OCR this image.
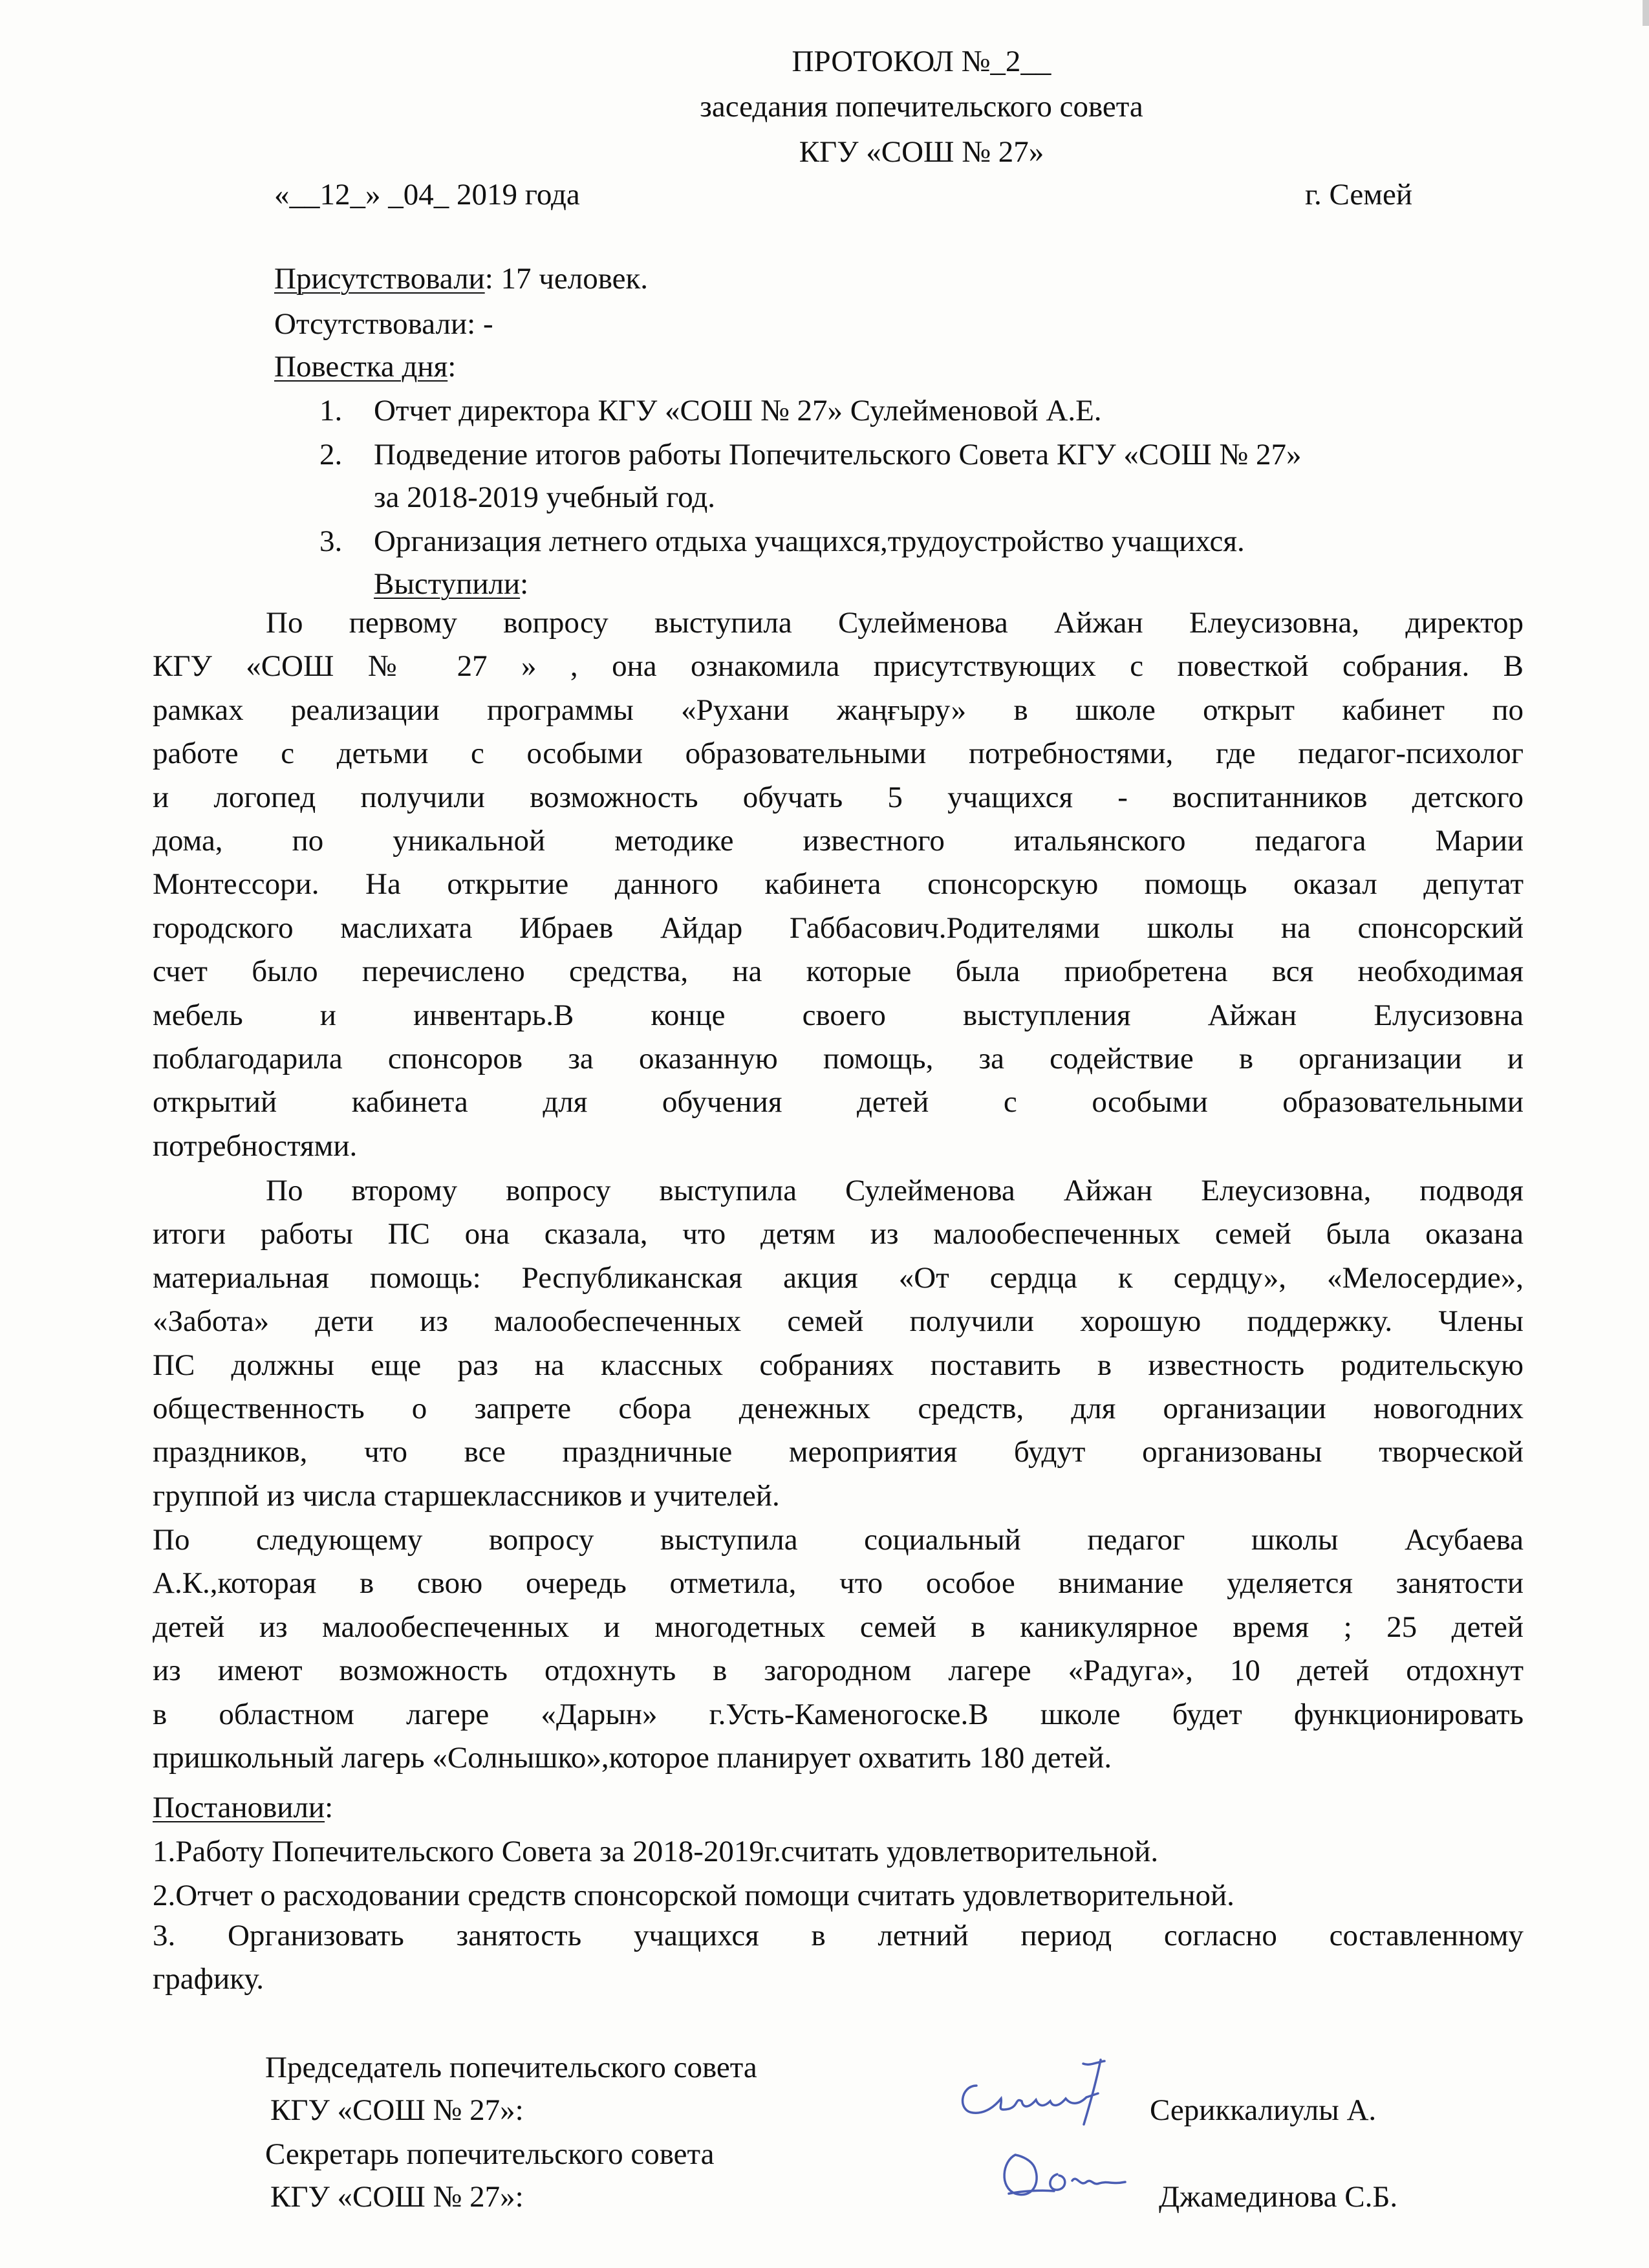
ПРОТОКОЛ №_2__
заседания попечительского совета
КГУ «СОШ № 27»
«__12_» _04_ 2019 года	г. Семей
Присутствовали: 17 человек.
Отсутствовали: -
Повестка дня:
1. Отчет директора КГУ «СОШ № 27» Сулейменовой А.Е.
2. Подведение итогов работы Попечительского Совета КГУ «СОШ № 27»
за 2018-2019 учебный год.
3. Организация летнего отдыха учащихся,трудоустройство учащихся.
Выступили:
По первому вопросу выступила Сулейменова Айжан Елеусизовна, директор
КГУ «СОШ № 27 » , она ознакомила присутствующих с повесткой собрания. В
рамках реализации программы «Рухани жаңғыру» в школе открыт кабинет по
работе с детьми с особыми образовательными потребностями, где педагог-психолог
и логопед получили возможность обучать 5 учащихся - воспитанников детского
дома, по уникальной методике известного итальянского педагога Марии
Монтессори. На открытие данного кабинета спонсорскую помощь оказал депутат
городского маслихата Ибраев Айдар Габбасович.Родителями школы на спонсорский
счет было перечислено средства, на которые была приобретена вся необходимая
мебель и инвентарь.В конце своего выступления Айжан Елусизовна
поблагодарила спонсоров за оказанную помощь, за содействие в организации и
открытий кабинета для обучения детей с особыми образовательными
потребностями.
По второму вопросу выступила Сулейменова Айжан Елеусизовна, подводя
итоги работы ПС она сказала, что детям из малообеспеченных семей была оказана
материальная помощь: Республиканская акция «От сердца к сердцу», «Мелосердие»,
«Забота» дети из малообеспеченных семей получили хорошую поддержку. Члены
ПС должны еще раз на классных собраниях поставить в известность родительскую
общественность о запрете сбора денежных средств, для организации новогодних
праздников, что все праздничные мероприятия будут организованы творческой
группой из числа старшеклассников и учителей.
По следующему вопросу выступила социальный педагог школы Асубаева
А.К.,которая в свою очередь отметила, что особое внимание уделяется занятости
детей из малообеспеченных и многодетных семей в каникулярное время ; 25 детей
из имеют возможность отдохнуть в загородном лагере «Радуга», 10 детей отдохнут
в областном лагере «Дарын» г.Усть-Каменогоске.В школе будет функционировать
пришкольный лагерь «Солнышко»,которое планирует охватить 180 детей.
Постановили:
1.Работу Попечительского Совета за 2018-2019г.считать удовлетворительной.
2.Отчет о расходовании средств спонсорской помощи считать удовлетворительной.
3. Организовать занятость учащихся в летний период согласно составленному
графику.
Председатель попечительского совета
КГУ «СОШ № 27»:	Сериккалиулы А.
Секретарь попечительского совета
КГУ «СОШ № 27»:	Джамединова С.Б.
